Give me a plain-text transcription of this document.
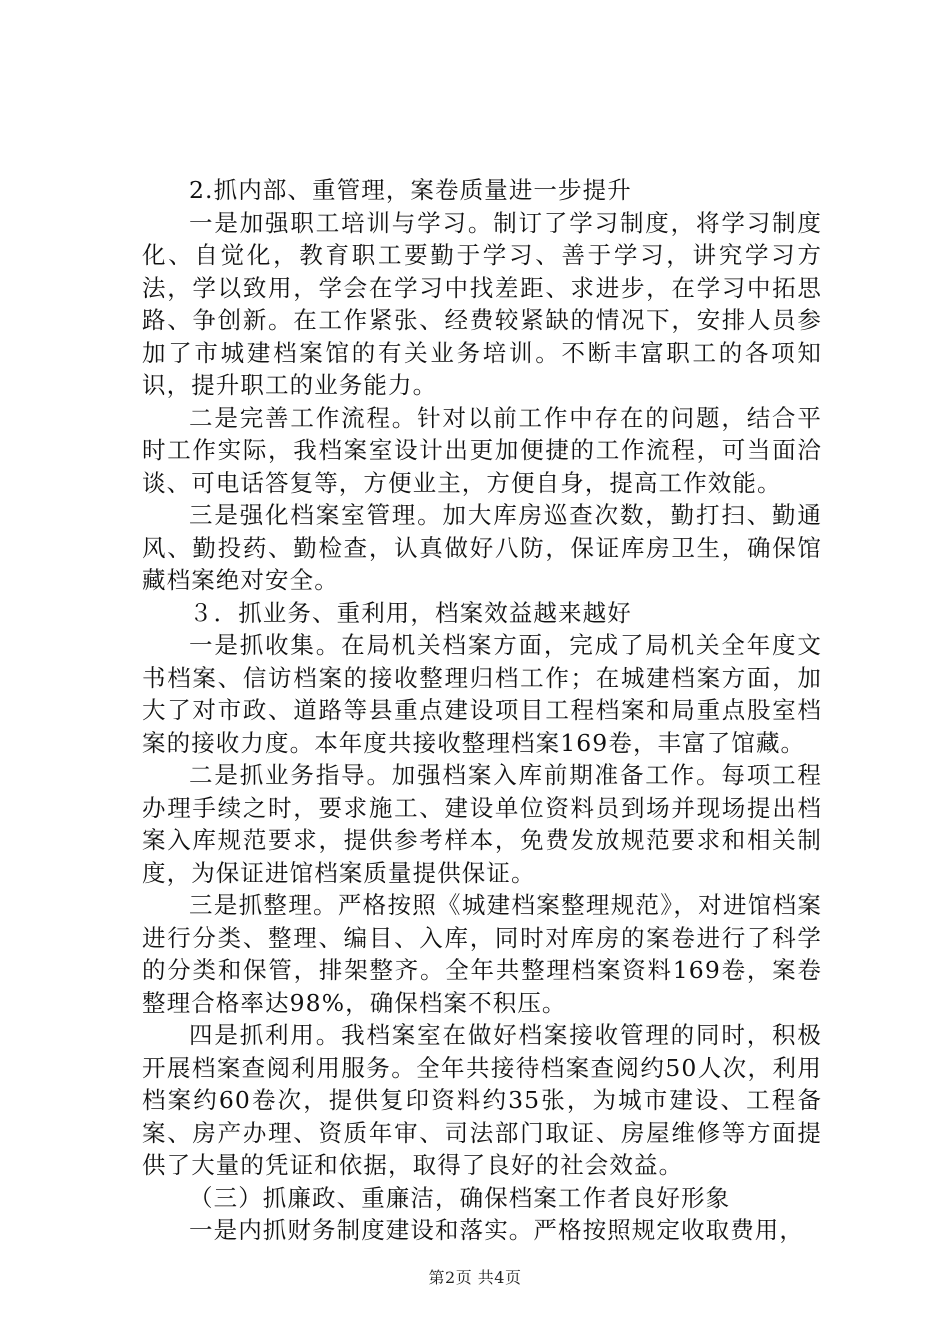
2.抓内部、重管理，案卷质量进一步提升

一是加强职工培训与学习。制订了学习制度，将学习制度化、自觉化，教育职工要勤于学习、善于学习，讲究学习方法，学以致用，学会在学习中找差距、求进步，在学习中拓思路、争创新。在工作紧张、经费较紧缺的情况下，安排人员参加了市城建档案馆的有关业务培训。不断丰富职工的各项知识，提升职工的业务能力。

二是完善工作流程。针对以前工作中存在的问题，结合平时工作实际，我档案室设计出更加便捷的工作流程，可当面洽谈、可电话答复等，方便业主，方便自身，提高工作效能。

三是强化档案室管理。加大库房巡查次数，勤打扫、勤通风、勤投药、勤检查，认真做好八防，保证库房卫生，确保馆藏档案绝对安全。

３．抓业务、重利用，档案效益越来越好

一是抓收集。在局机关档案方面，完成了局机关全年度文书档案、信访档案的接收整理归档工作；在城建档案方面，加大了对市政、道路等县重点建设项目工程档案和局重点股室档案的接收力度。本年度共接收整理档案169卷，丰富了馆藏。

二是抓业务指导。加强档案入库前期准备工作。每项工程办理手续之时，要求施工、建设单位资料员到场并现场提出档案入库规范要求，提供参考样本，免费发放规范要求和相关制度，为保证进馆档案质量提供保证。

三是抓整理。严格按照《城建档案整理规范》，对进馆档案进行分类、整理、编目、入库，同时对库房的案卷进行了科学的分类和保管，排架整齐。全年共整理档案资料169卷，案卷整理合格率达98%，确保档案不积压。

四是抓利用。我档案室在做好档案接收管理的同时，积极开展档案查阅利用服务。全年共接待档案查阅约50人次，利用档案约60卷次，提供复印资料约35张，为城市建设、工程备案、房产办理、资质年审、司法部门取证、房屋维修等方面提供了大量的凭证和依据，取得了良好的社会效益。

（三）抓廉政、重廉洁，确保档案工作者良好形象

一是内抓财务制度建设和落实。严格按照规定收取费用，

第2页 共4页
